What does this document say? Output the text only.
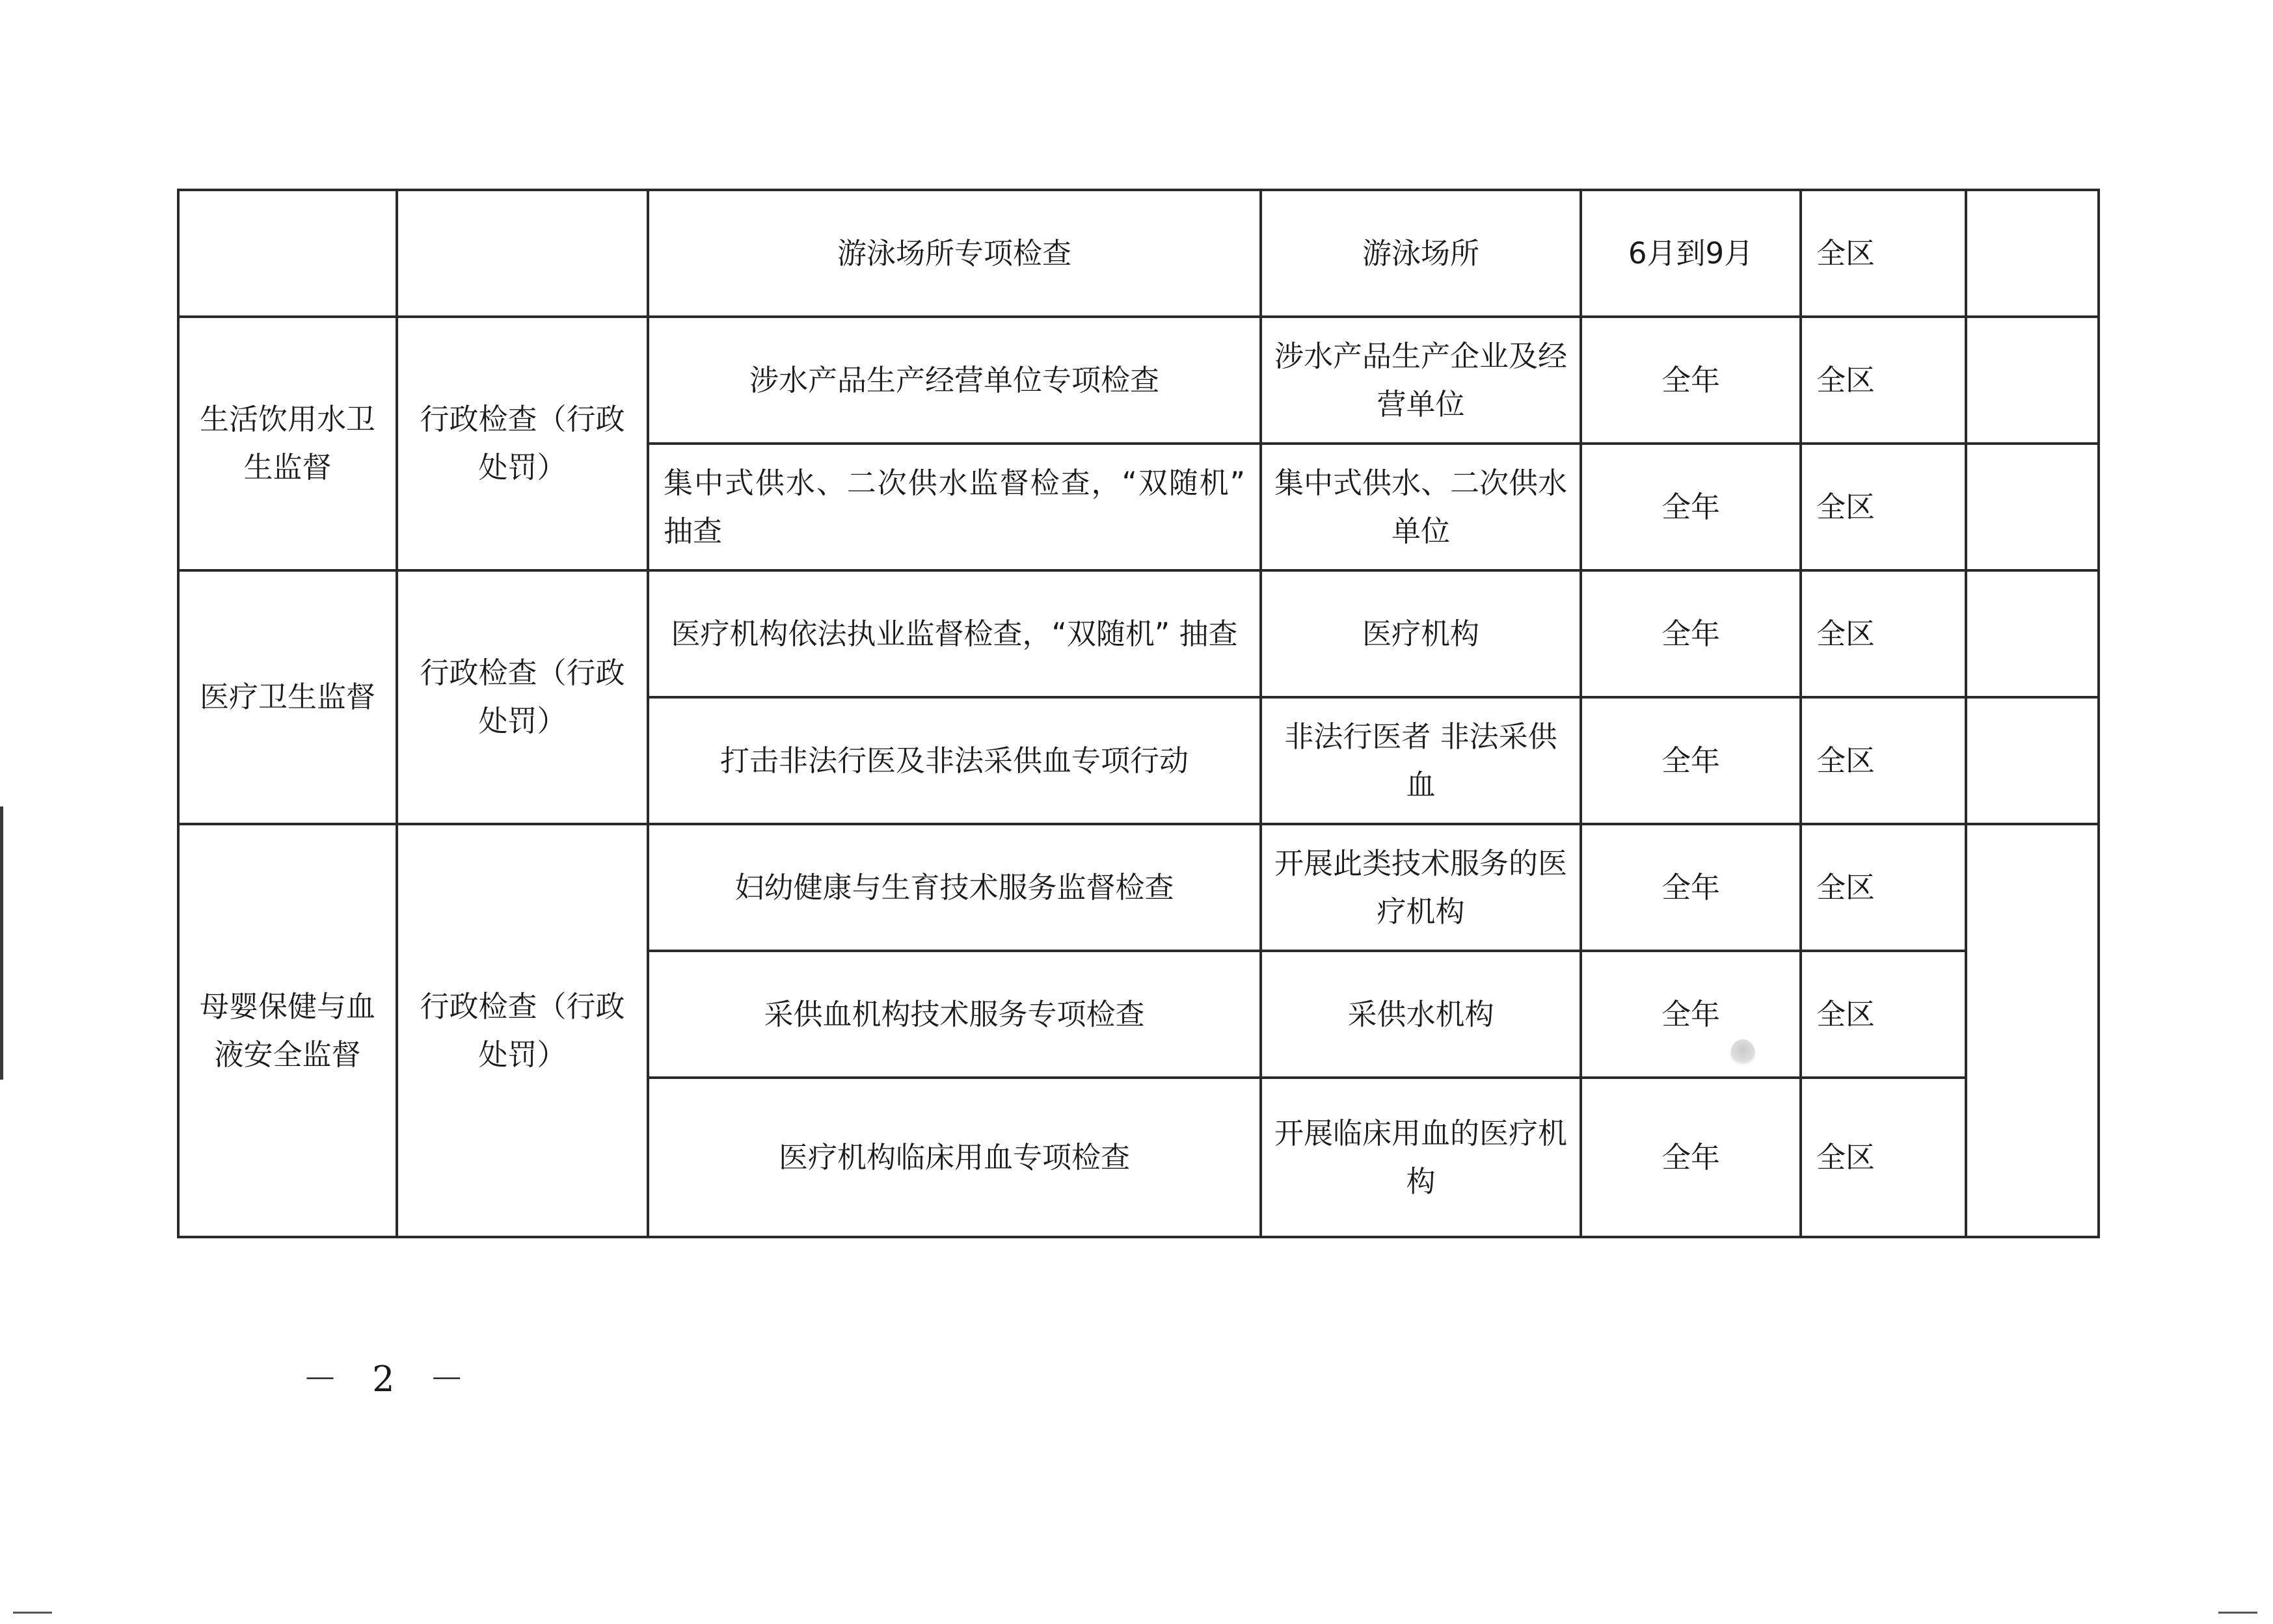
		游泳场所专项检查	游泳场所	6月到9月	全区	
生活饮用水卫生监督	行政检查（行政处罚）	涉水产品生产经营单位专项检查	涉水产品生产企业及经营单位	全年	全区	
		集中式供水、二次供水监督检查，“双随机” 抽查	集中式供水、二次供水单位	全年	全区	
医疗卫生监督	行政检查（行政处罚）	医疗机构依法执业监督检查，“双随机” 抽查	医疗机构	全年	全区	
		打击非法行医及非法采供血专项行动	非法行医者 非法采供血	全年	全区	
母婴保健与血液安全监督	行政检查（行政处罚）	妇幼健康与生育技术服务监督检查	开展此类技术服务的医疗机构	全年	全区	
		采供血机构技术服务专项检查	采供水机构	全年	全区	
		医疗机构临床用血专项检查	开展临床用血的医疗机构	全年	全区	
－ 2 －
